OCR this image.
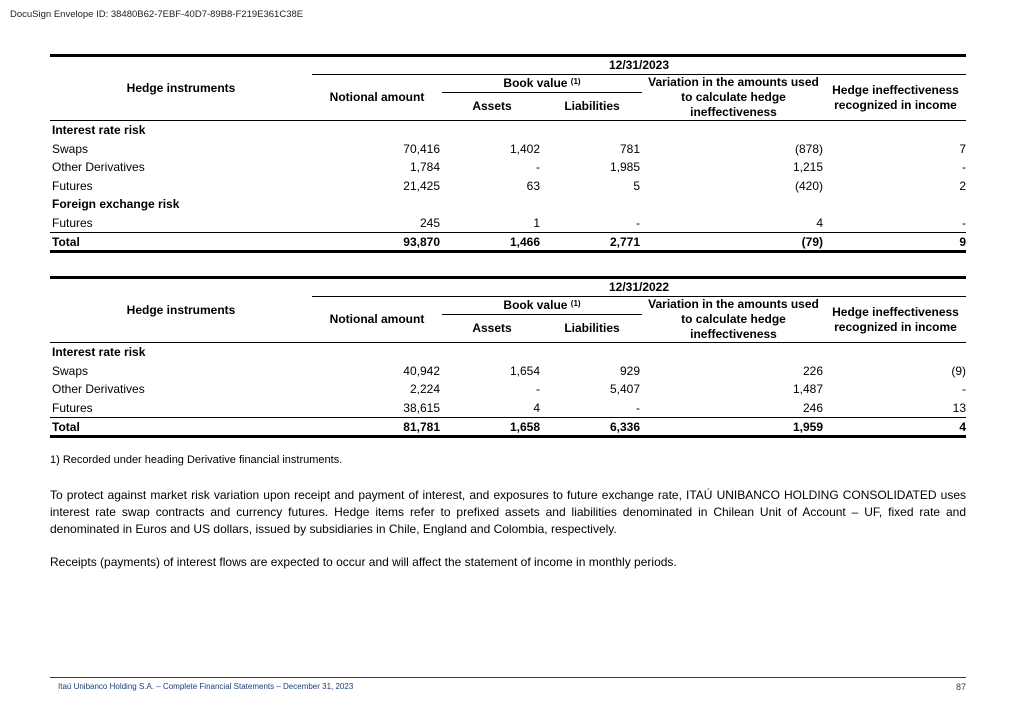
DocuSign Envelope ID: 38480B62-7EBF-40D7-89B8-F219E361C38E
Hedge instruments	12/31/2023				
	Notional amount	Book value $^{(1)}$		Variation in the amounts used to calculate hedge ineffectiveness	Hedge ineffectiveness recognized in income
		Assets	Liabilities		
Interest rate risk					
Swaps	70,416	1,402	781	(878)	7
Other Derivatives	1,784	-	1,985	1,215	-
Futures	21,425	63	5	(420)	2
Foreign exchange risk					
Futures	245	1	-	4	-
Total	93,870	1,466	2,771	(79)	9
Hedge instruments	12/31/2022				
	Notional amount	Book value $^{(1)}$		Variation in the amounts used to calculate hedge ineffectiveness	Hedge ineffectiveness recognized in income
		Assets	Liabilities		
Interest rate risk					
Swaps	40,942	1,654	929	226	(9)
Other Derivatives	2,224	-	5,407	1,487	-
Futures	38,615	4	-	246	13
Total	81,781	1,658	6,336	1,959	4
1) Recorded under heading Derivative financial instruments.
To protect against market risk variation upon receipt and payment of interest, and exposures to future exchange rate, ITAÚ UNIBANCO HOLDING CONSOLIDATED uses interest rate swap contracts and currency futures. Hedge items refer to prefixed assets and liabilities denominated in Chilean Unit of Account – UF, fixed rate and denominated in Euros and US dollars, issued by subsidiaries in Chile, England and Colombia, respectively.
Receipts (payments) of interest flows are expected to occur and will affect the statement of income in monthly periods.
Itaú Unibanco Holding S.A. – Complete Financial Statements – December 31, 2023	87
